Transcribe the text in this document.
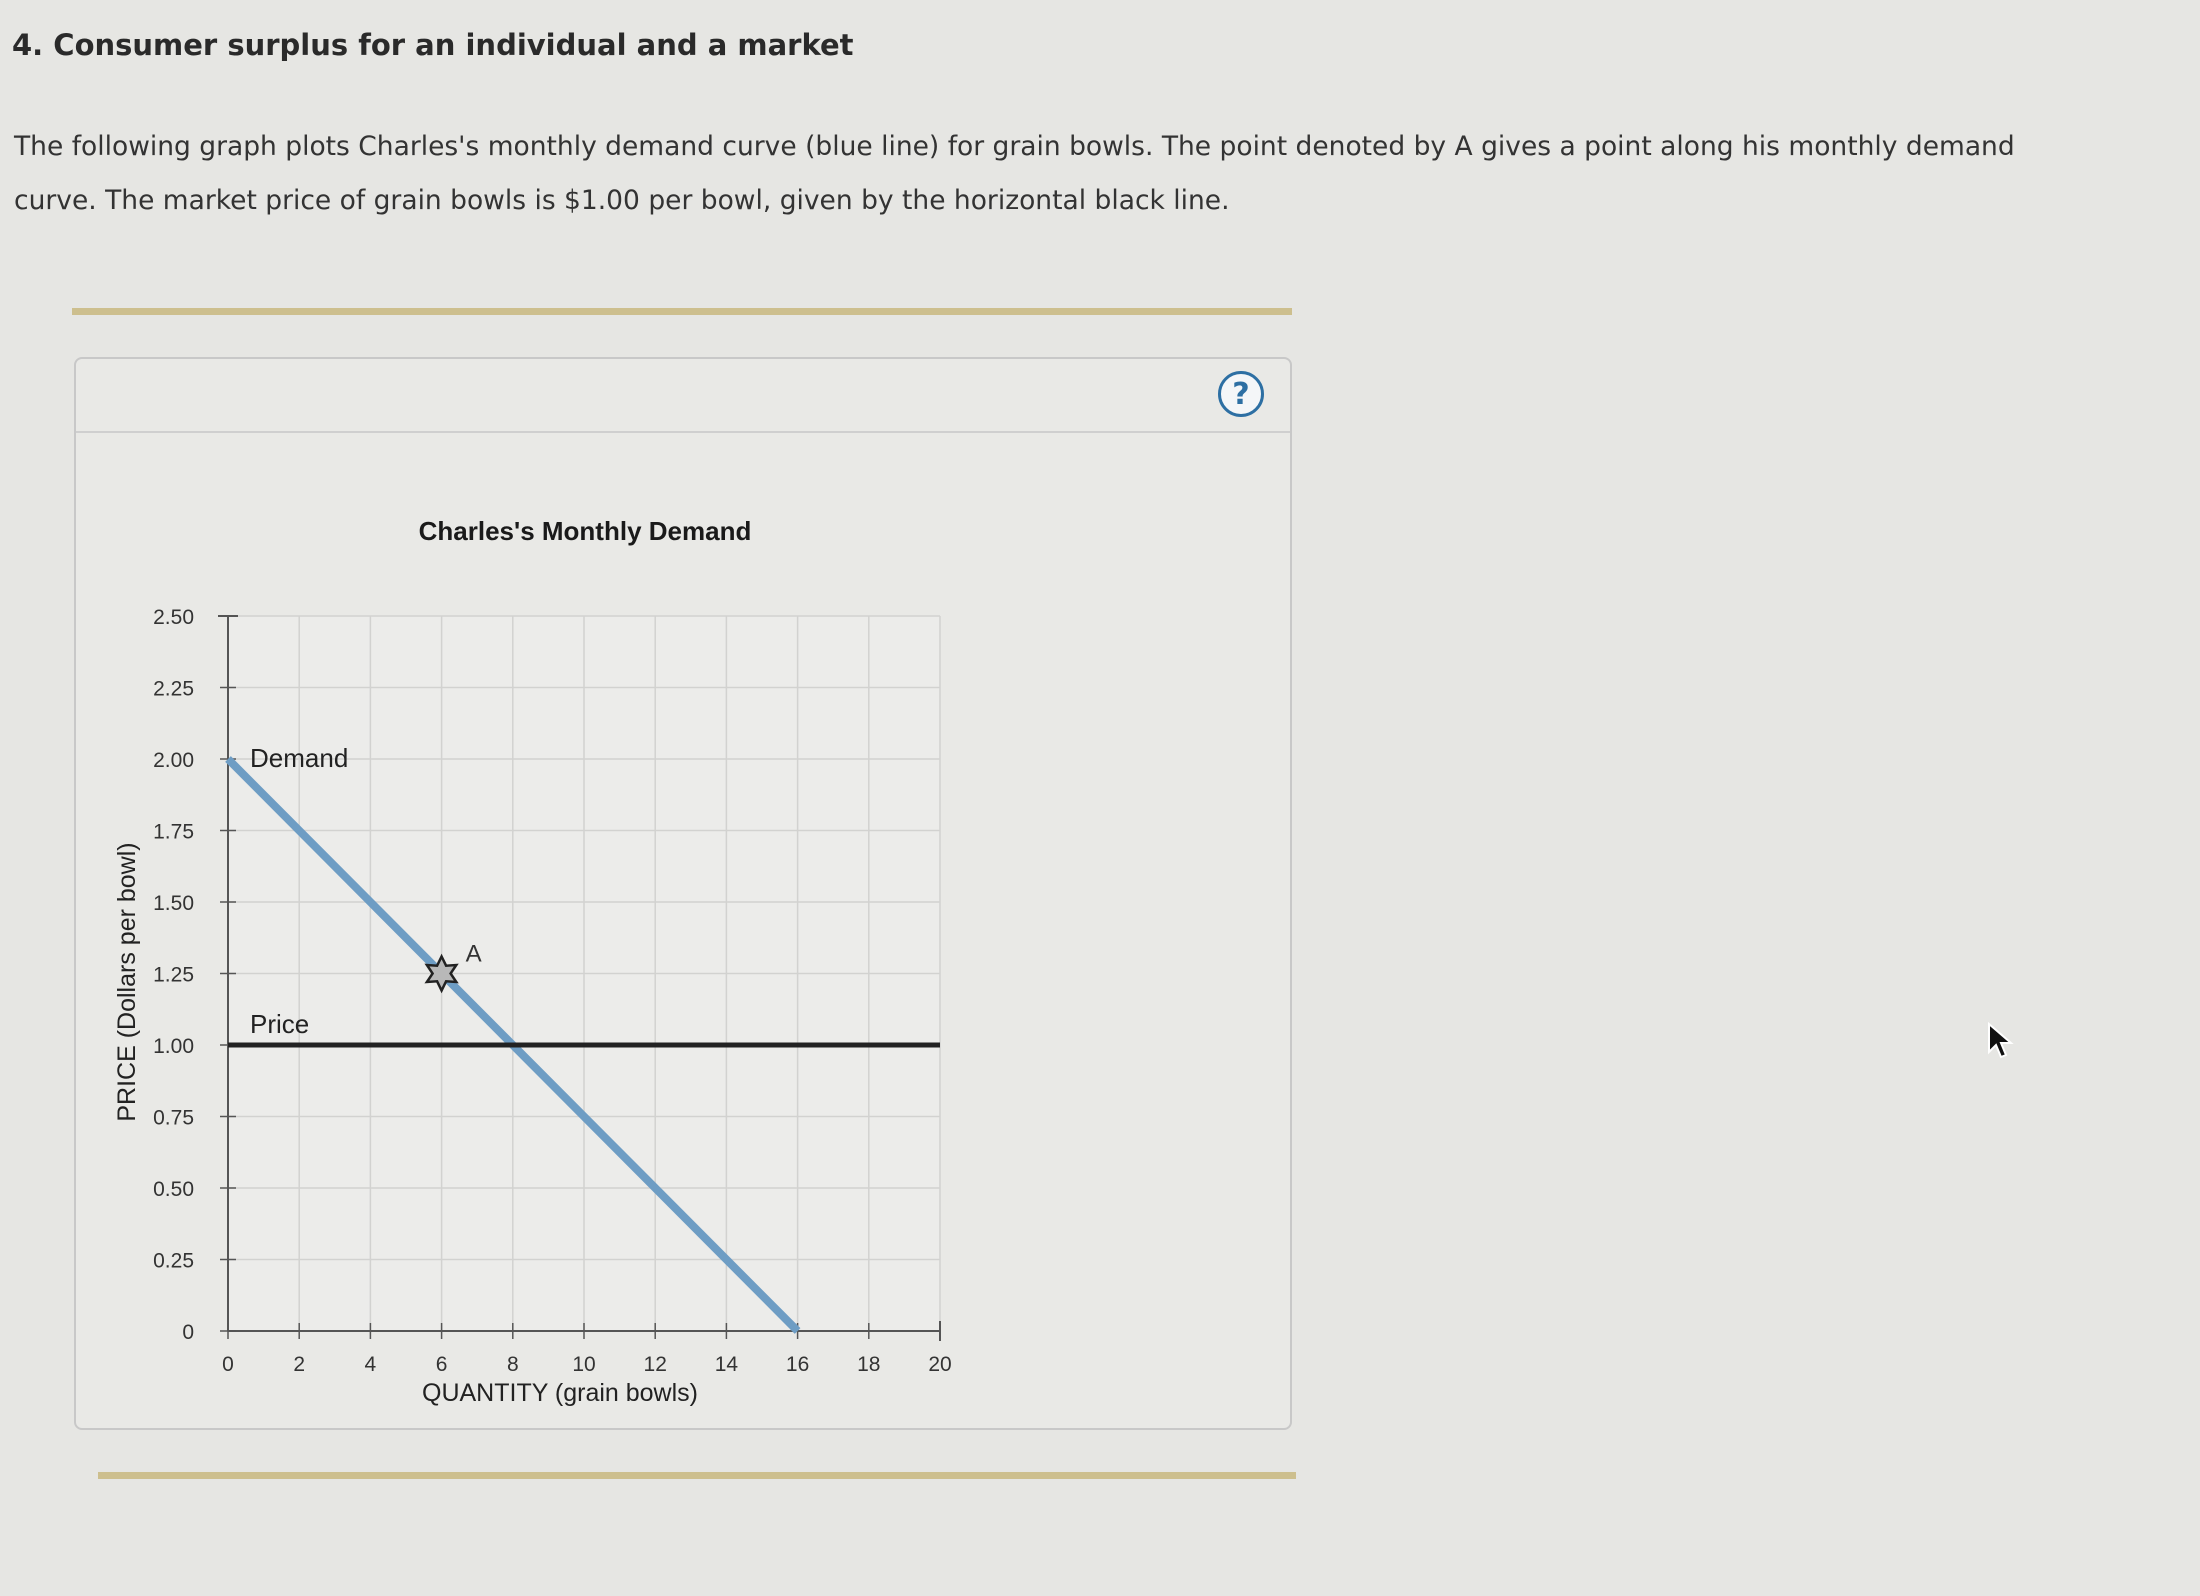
4. Consumer surplus for an individual and a market

The following graph plots Charles's monthly demand curve (blue line) for grain bowls. The point denoted by A gives a point along his monthly demand curve. The market price of grain bowls is $1.00 per bowl, given by the horizontal black line.

?
Charles's Monthly Demand
0
0.25
0.50
0.75
1.00
1.25
1.50
1.75
2.00
2.25
2.50
0	2	4	6	8	10 12 14 16 18 20
Demand
Price
A
QUANTITY (grain bowls)
PRICE (Dollars per bowl)
